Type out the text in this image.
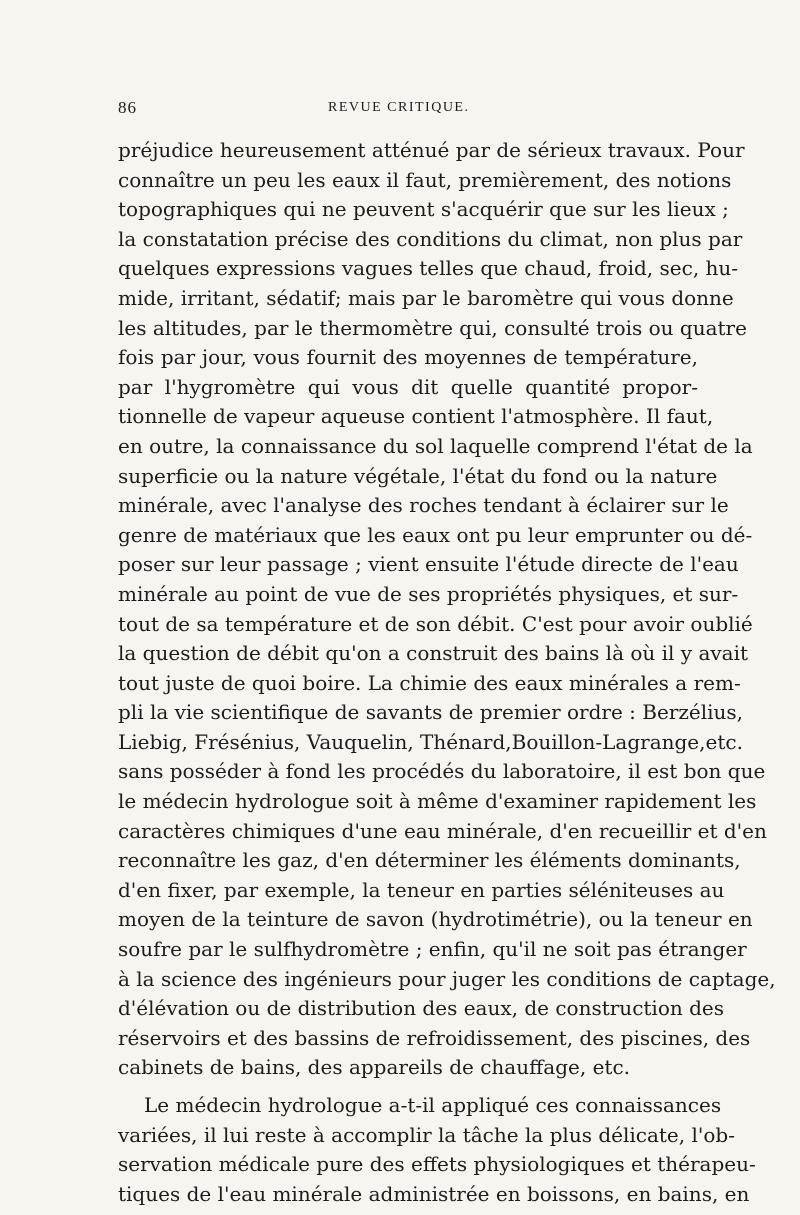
86	REVUE CRITIQUE.
préjudice heureusement atténué par de sérieux travaux. Pour
connaître un peu les eaux il faut, premièrement, des notions
topographiques qui ne peuvent s'acquérir que sur les lieux ;
la constatation précise des conditions du climat, non plus par
quelques expressions vagues telles que chaud, froid, sec, hu-
mide, irritant, sédatif; mais par le baromètre qui vous donne
les altitudes, par le thermomètre qui, consulté trois ou quatre
fois par jour, vous fournit des moyennes de température,
par l'hygromètre qui vous dit quelle quantité propor-
tionnelle de vapeur aqueuse contient l'atmosphère. Il faut,
en outre, la connaissance du sol laquelle comprend l'état de la
superficie ou la nature végétale, l'état du fond ou la nature
minérale, avec l'analyse des roches tendant à éclairer sur le
genre de matériaux que les eaux ont pu leur emprunter ou dé-
poser sur leur passage ; vient ensuite l'étude directe de l'eau
minérale au point de vue de ses propriétés physiques, et sur-
tout de sa température et de son débit. C'est pour avoir oublié
la question de débit qu'on a construit des bains là où il y avait
tout juste de quoi boire. La chimie des eaux minérales a rem-
pli la vie scientifique de savants de premier ordre : Berzélius,
Liebig, Frésénius, Vauquelin, Thénard,Bouillon-Lagrange,etc.
sans posséder à fond les procédés du laboratoire, il est bon que
le médecin hydrologue soit à même d'examiner rapidement les
caractères chimiques d'une eau minérale, d'en recueillir et d'en
reconnaître les gaz, d'en déterminer les éléments dominants,
d'en fixer, par exemple, la teneur en parties séléniteuses au
moyen de la teinture de savon (hydrotimétrie), ou la teneur en
soufre par le sulfhydromètre ; enfin, qu'il ne soit pas étranger
à la science des ingénieurs pour juger les conditions de captage,
d'élévation ou de distribution des eaux, de construction des
réservoirs et des bassins de refroidissement, des piscines, des
cabinets de bains, des appareils de chauffage, etc.
Le médecin hydrologue a-t-il appliqué ces connaissances
variées, il lui reste à accomplir la tâche la plus délicate, l'ob-
servation médicale pure des effets physiologiques et thérapeu-
tiques de l'eau minérale administrée en boissons, en bains, en
